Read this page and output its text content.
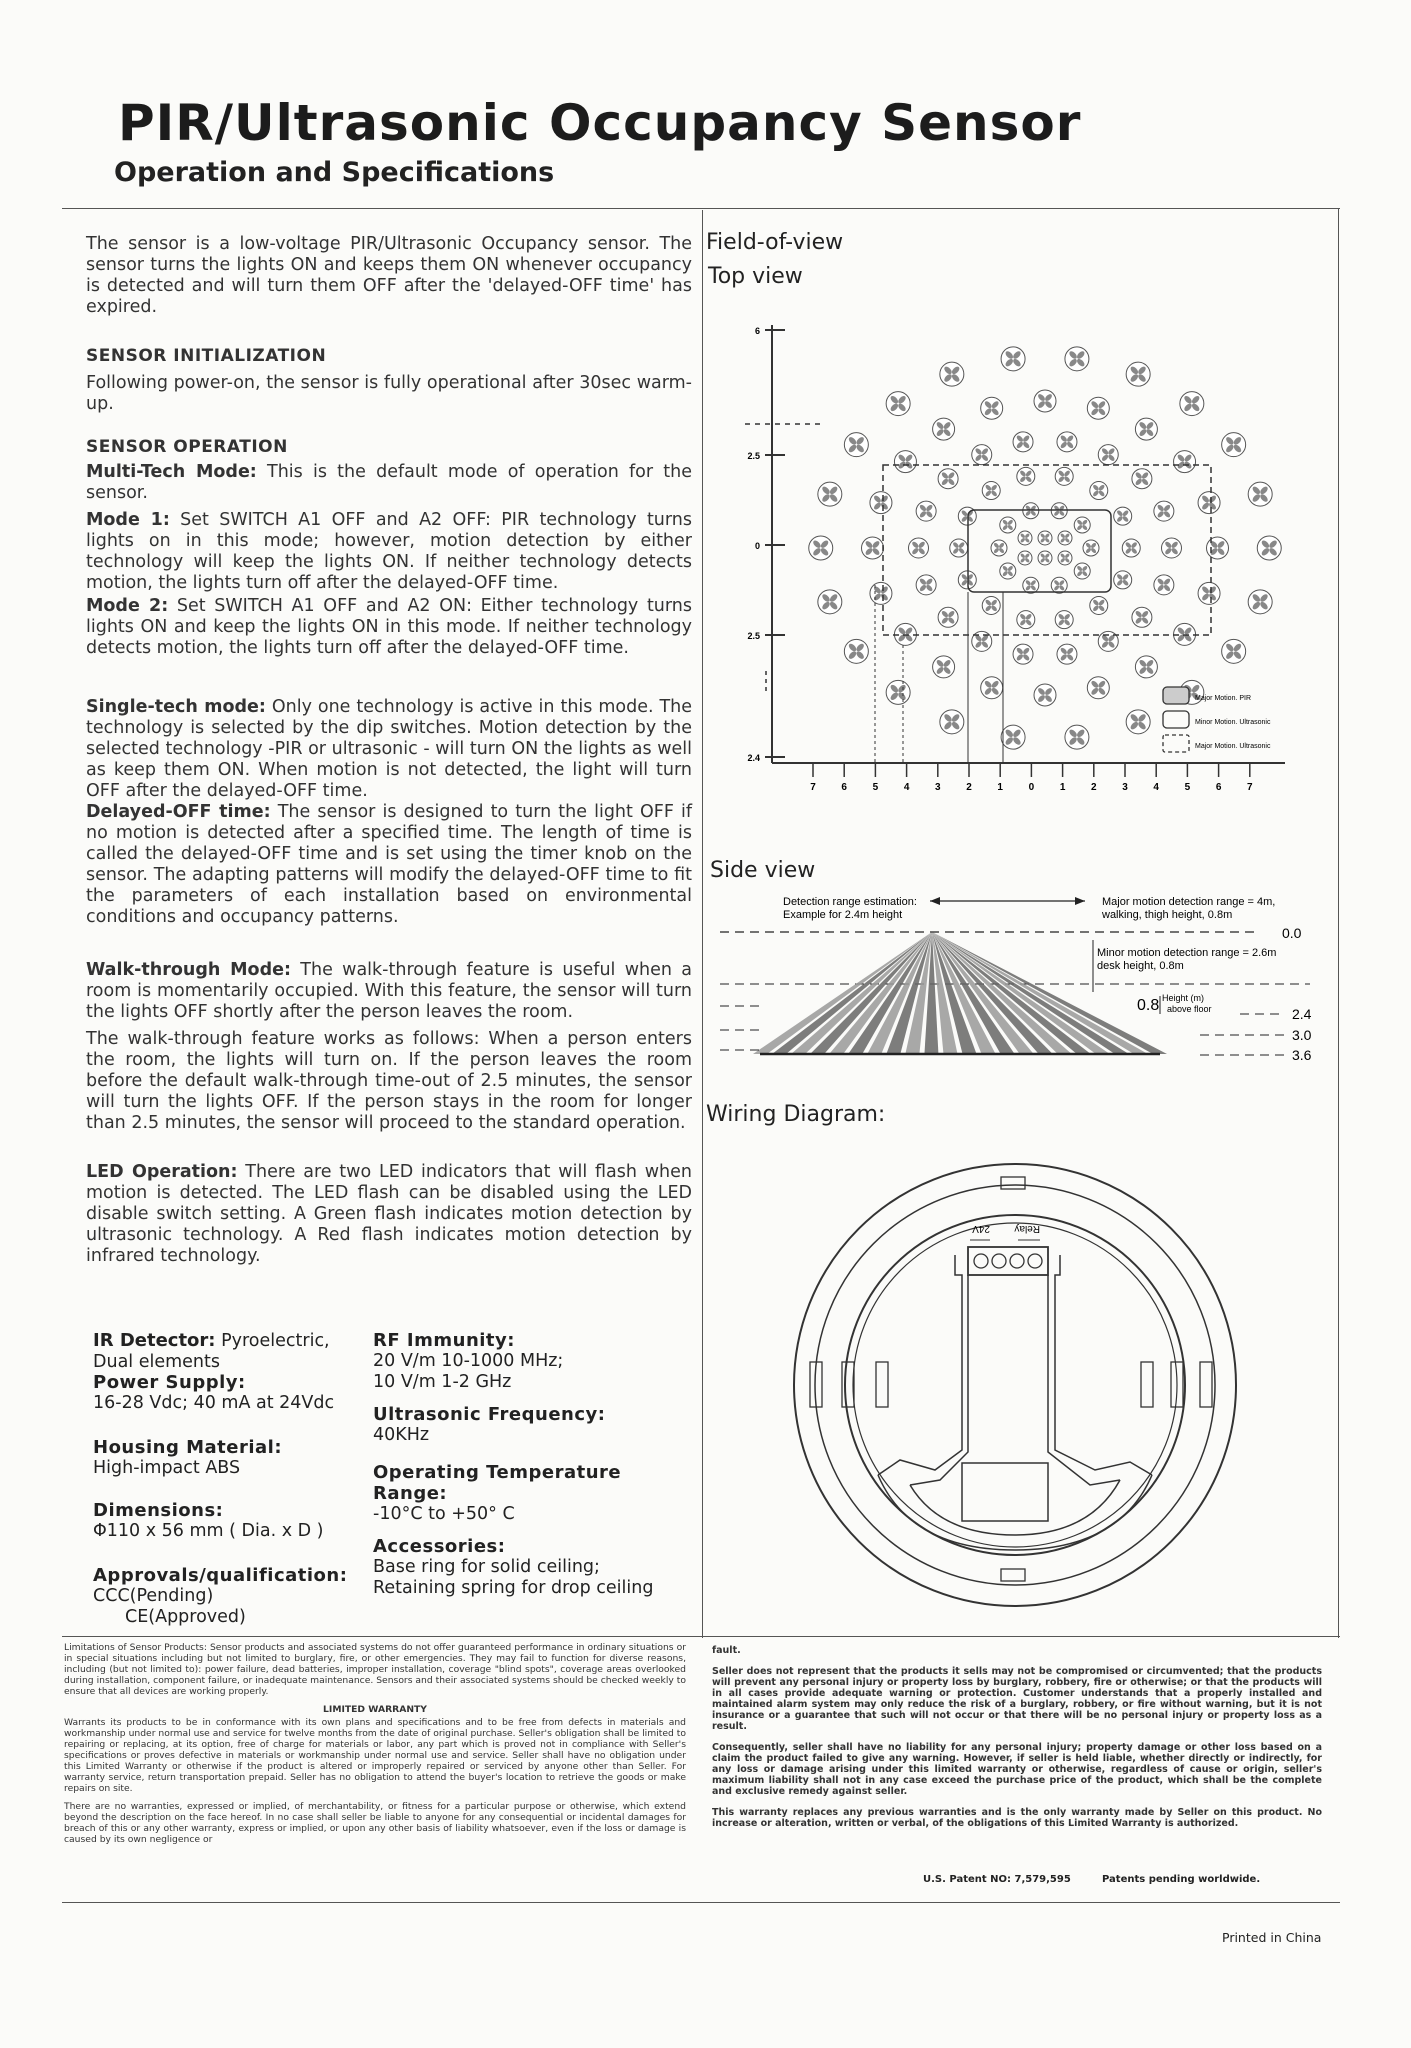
PIR/Ultrasonic Occupancy Sensor
Operation and Specifications

The sensor is a low-voltage PIR/Ultrasonic Occupancy sensor. The sensor turns the lights ON and keeps them ON whenever occupancy is detected and will turn them OFF after the 'delayed-OFF time' has expired.

SENSOR INITIALIZATION

Following power-on, the sensor is fully operational after 30sec warm-up.

SENSOR OPERATION

Multi-Tech Mode: This is the default mode of operation for the sensor.

Mode 1: Set SWITCH A1 OFF and A2 OFF: PIR technology turns lights on in this mode; however, motion detection by either technology will keep the lights ON. If neither technology detects motion, the lights turn off after the delayed-OFF time.

Mode 2: Set SWITCH A1 OFF and A2 ON: Either technology turns lights ON and keep the lights ON in this mode. If neither technology detects motion, the lights turn off after the delayed-OFF time.

Single-tech mode: Only one technology is active in this mode. The technology is selected by the dip switches. Motion detection by the selected technology -PIR or ultrasonic - will turn ON the lights as well as keep them ON. When motion is not detected, the light will turn OFF after the delayed-OFF time.

Delayed-OFF time: The sensor is designed to turn the light OFF if no motion is detected after a specified time. The length of time is called the delayed-OFF time and is set using the timer knob on the sensor. The adapting patterns will modify the delayed-OFF time to fit the parameters of each installation based on environmental conditions and occupancy patterns.

Walk-through Mode: The walk-through feature is useful when a room is momentarily occupied. With this feature, the sensor will turn the lights OFF shortly after the person leaves the room.

The walk-through feature works as follows: When a person enters the room, the lights will turn on. If the person leaves the room before the default walk-through time-out of 2.5 minutes, the sensor will turn the lights OFF. If the person stays in the room for longer than 2.5 minutes, the sensor will proceed to the standard operation.

LED Operation: There are two LED indicators that will flash when motion is detected. The LED flash can be disabled using the LED disable switch setting. A Green flash indicates motion detection by ultrasonic technology. A Red flash indicates motion detection by infrared technology.

IR Detector: Pyroelectric,
Dual elements
Power Supply:
16-28 Vdc; 40 mA at 24Vdc
Housing Material:
High-impact ABS
Dimensions:
Φ110 x 56 mm ( Dia. x D )
Approvals/qualification:
CCC(Pending)
CE(Approved)
RF Immunity:
20 V/m 10-1000 MHz;
10 V/m 1-2 GHz
Ultrasonic Frequency:
40KHz
Operating Temperature Range:
-10°C to +50° C
Accessories:
Base ring for solid ceiling;
Retaining spring for drop ceiling
Field-of-view
Top view
Side view
Wiring Diagram:
6
2.5
0
2.5
2.4
7	6	5	4	3	2	1	0	1	2	3	4	5	6	7
Major Motion. PIR
Minor Motion. Ultrasonic
Major Motion. Ultrasonic
Detection range estimation:
Example for 2.4m height
Major motion detection range = 4m,
walking, thigh height, 0.8m
0.0
Minor motion detection range = 2.6m
desk height, 0.8m
0.8 Height (m)
above floor	2.4
3.0
3.6
24V Relay

Limitations of Sensor Products: Sensor products and associated systems do not offer guaranteed performance in ordinary situations or in special situations including but not limited to burglary, fire, or other emergencies. They may fail to function for diverse reasons, including (but not limited to): power failure, dead batteries, improper installation, coverage "blind spots", coverage areas overlooked during installation, component failure, or inadequate maintenance. Sensors and their associated systems should be checked weekly to ensure that all devices are working properly.

LIMITED WARRANTY

Warrants its products to be in conformance with its own plans and specifications and to be free from defects in materials and workmanship under normal use and service for twelve months from the date of original purchase. Seller's obligation shall be limited to repairing or replacing, at its option, free of charge for materials or labor, any part which is proved not in compliance with Seller's specifications or proves defective in materials or workmanship under normal use and service. Seller shall have no obligation under this Limited Warranty or otherwise if the product is altered or improperly repaired or serviced by anyone other than Seller. For warranty service, return transportation prepaid. Seller has no obligation to attend the buyer's location to retrieve the goods or make repairs on site.

There are no warranties, expressed or implied, of merchantability, or fitness for a particular purpose or otherwise, which extend beyond the description on the face hereof. In no case shall seller be liable to anyone for any consequential or incidental damages for breach of this or any other warranty, express or implied, or upon any other basis of liability whatsoever, even if the loss or damage is caused by its own negligence or

fault.

Seller does not represent that the products it sells may not be compromised or circumvented; that the products will prevent any personal injury or property loss by burglary, robbery, fire or otherwise; or that the products will in all cases provide adequate warning or protection. Customer understands that a properly installed and maintained alarm system may only reduce the risk of a burglary, robbery, or fire without warning, but it is not insurance or a guarantee that such will not occur or that there will be no personal injury or property loss as a result.

Consequently, seller shall have no liability for any personal injury; property damage or other loss based on a claim the product failed to give any warning. However, if seller is held liable, whether directly or indirectly, for any loss or damage arising under this limited warranty or otherwise, regardless of cause or origin, seller's maximum liability shall not in any case exceed the purchase price of the product, which shall be the complete and exclusive remedy against seller.

This warranty replaces any previous warranties and is the only warranty made by Seller on this product. No increase or alteration, written or verbal, of the obligations of this Limited Warranty is authorized.

U.S. Patent NO: 7,579,595	Patents pending worldwide.
Printed in China
